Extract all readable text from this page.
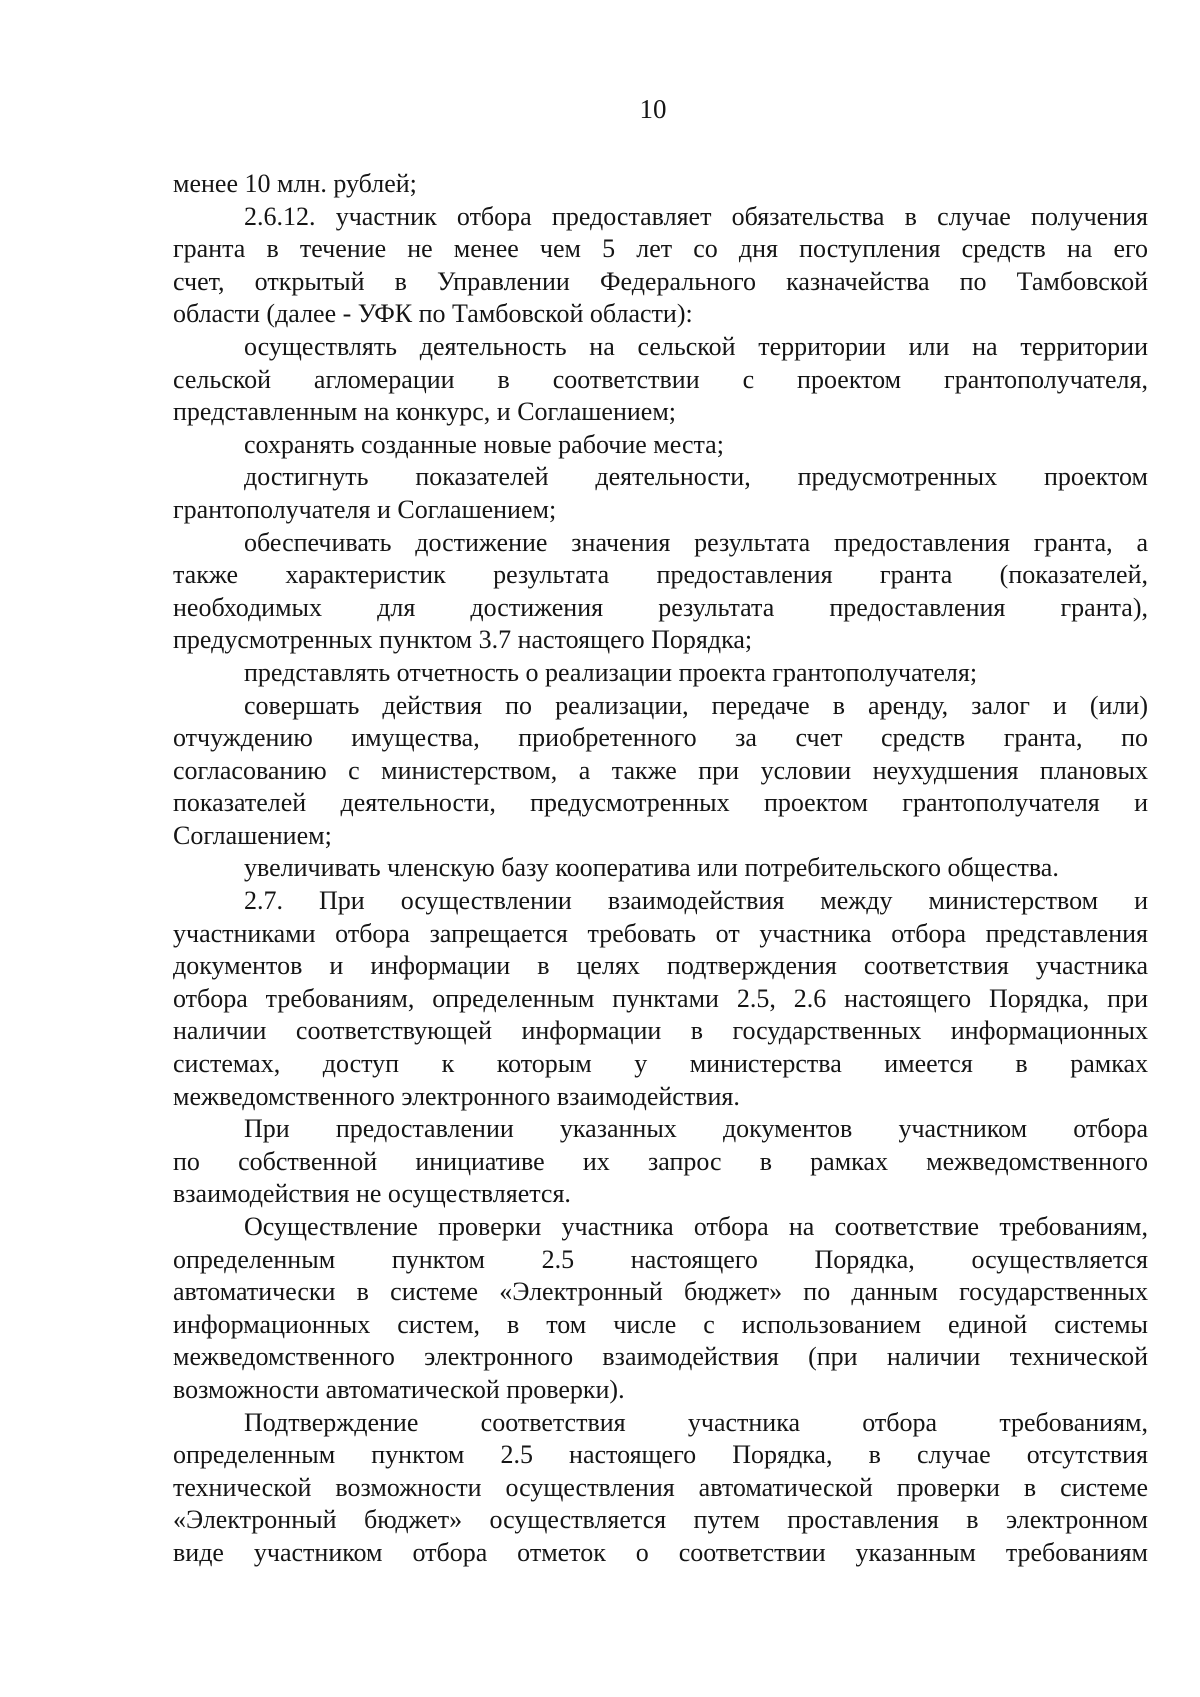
10
менее 10 млн. рублей;
2.6.12. участник отбора предоставляет обязательства в случае получения
гранта в течение не менее чем 5 лет со дня поступления средств на его
счет, открытый в Управлении Федерального казначейства по Тамбовской
области (далее - УФК по Тамбовской области):
осуществлять деятельность на сельской территории или на территории
сельской агломерации в соответствии с проектом грантополучателя,
представленным на конкурс, и Соглашением;
сохранять созданные новые рабочие места;
достигнуть показателей деятельности, предусмотренных проектом
грантополучателя и Соглашением;
обеспечивать достижение значения результата предоставления гранта, а
также характеристик результата предоставления гранта (показателей,
необходимых для достижения результата предоставления гранта),
предусмотренных пунктом 3.7 настоящего Порядка;
представлять отчетность о реализации проекта грантополучателя;
совершать действия по реализации, передаче в аренду, залог и (или)
отчуждению имущества, приобретенного за счет средств гранта, по
согласованию с министерством, а также при условии неухудшения плановых
показателей деятельности, предусмотренных проектом грантополучателя и
Соглашением;
увеличивать членскую базу кооператива или потребительского общества.
2.7. При осуществлении взаимодействия между министерством и
участниками отбора запрещается требовать от участника отбора представления
документов и информации в целях подтверждения соответствия участника
отбора требованиям, определенным пунктами 2.5, 2.6 настоящего Порядка, при
наличии соответствующей информации в государственных информационных
системах, доступ к которым у министерства имеется в рамках
межведомственного электронного взаимодействия.
При предоставлении указанных документов участником отбора
по собственной инициативе их запрос в рамках межведомственного
взаимодействия не осуществляется.
Осуществление проверки участника отбора на соответствие требованиям,
определенным пунктом 2.5 настоящего Порядка, осуществляется
автоматически в системе «Электронный бюджет» по данным государственных
информационных систем, в том числе с использованием единой системы
межведомственного электронного взаимодействия (при наличии технической
возможности автоматической проверки).
Подтверждение соответствия участника отбора требованиям,
определенным пунктом 2.5 настоящего Порядка, в случае отсутствия
технической возможности осуществления автоматической проверки в системе
«Электронный бюджет» осуществляется путем проставления в электронном
виде участником отбора отметок о соответствии указанным требованиям
